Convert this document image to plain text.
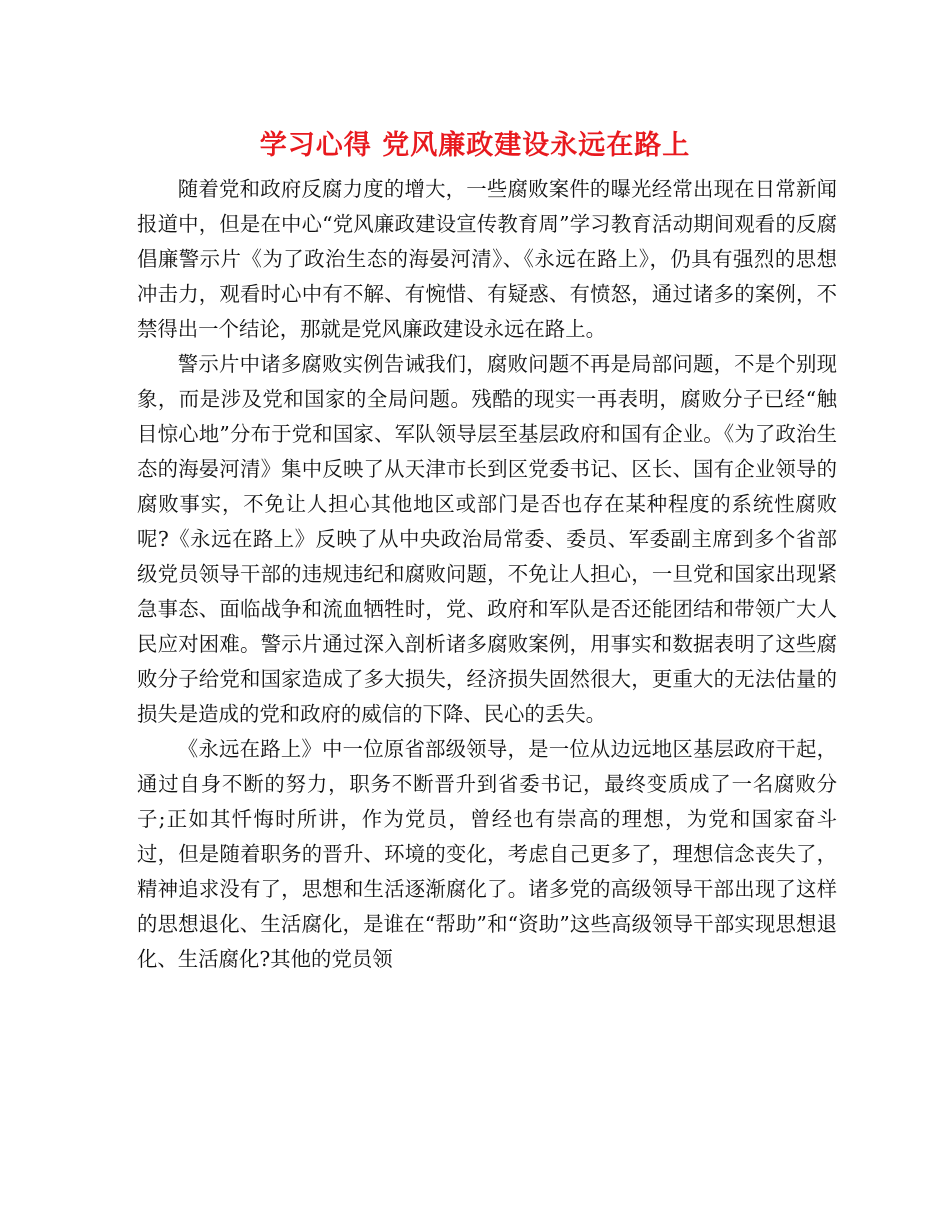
学习心得 党风廉政建设永远在路上

随着党和政府反腐力度的增大，一些腐败案件的曝光经常出现在日常新闻报道中，但是在中心“党风廉政建设宣传教育周”学习教育活动期间观看的反腐倡廉警示片《为了政治生态的海晏河清》、《永远在路上》，仍具有强烈的思想冲击力，观看时心中有不解、有惋惜、有疑惑、有愤怒，通过诸多的案例，不禁得出一个结论，那就是党风廉政建设永远在路上。

警示片中诸多腐败实例告诫我们，腐败问题不再是局部问题，不是个别现象，而是涉及党和国家的全局问题。残酷的现实一再表明，腐败分子已经“触目惊心地”分布于党和国家、军队领导层至基层政府和国有企业。《为了政治生态的海晏河清》集中反映了从天津市长到区党委书记、区长、国有企业领导的腐败事实，不免让人担心其他地区或部门是否也存在某种程度的系统性腐败呢?《永远在路上》反映了从中央政治局常委、委员、军委副主席到多个省部级党员领导干部的违规违纪和腐败问题，不免让人担心，一旦党和国家出现紧急事态、面临战争和流血牺牲时，党、政府和军队是否还能团结和带领广大人民应对困难。警示片通过深入剖析诸多腐败案例，用事实和数据表明了这些腐败分子给党和国家造成了多大损失，经济损失固然很大，更重大的无法估量的损失是造成的党和政府的威信的下降、民心的丢失。

《永远在路上》中一位原省部级领导，是一位从边远地区基层政府干起，通过自身不断的努力，职务不断晋升到省委书记，最终变质成了一名腐败分子;正如其忏悔时所讲，作为党员，曾经也有崇高的理想，为党和国家奋斗过，但是随着职务的晋升、环境的变化，考虑自己更多了，理想信念丧失了，精神追求没有了，思想和生活逐渐腐化了。诸多党的高级领导干部出现了这样的思想退化、生活腐化，是谁在“帮助”和“资助”这些高级领导干部实现思想退化、生活腐化?其他的党员领
